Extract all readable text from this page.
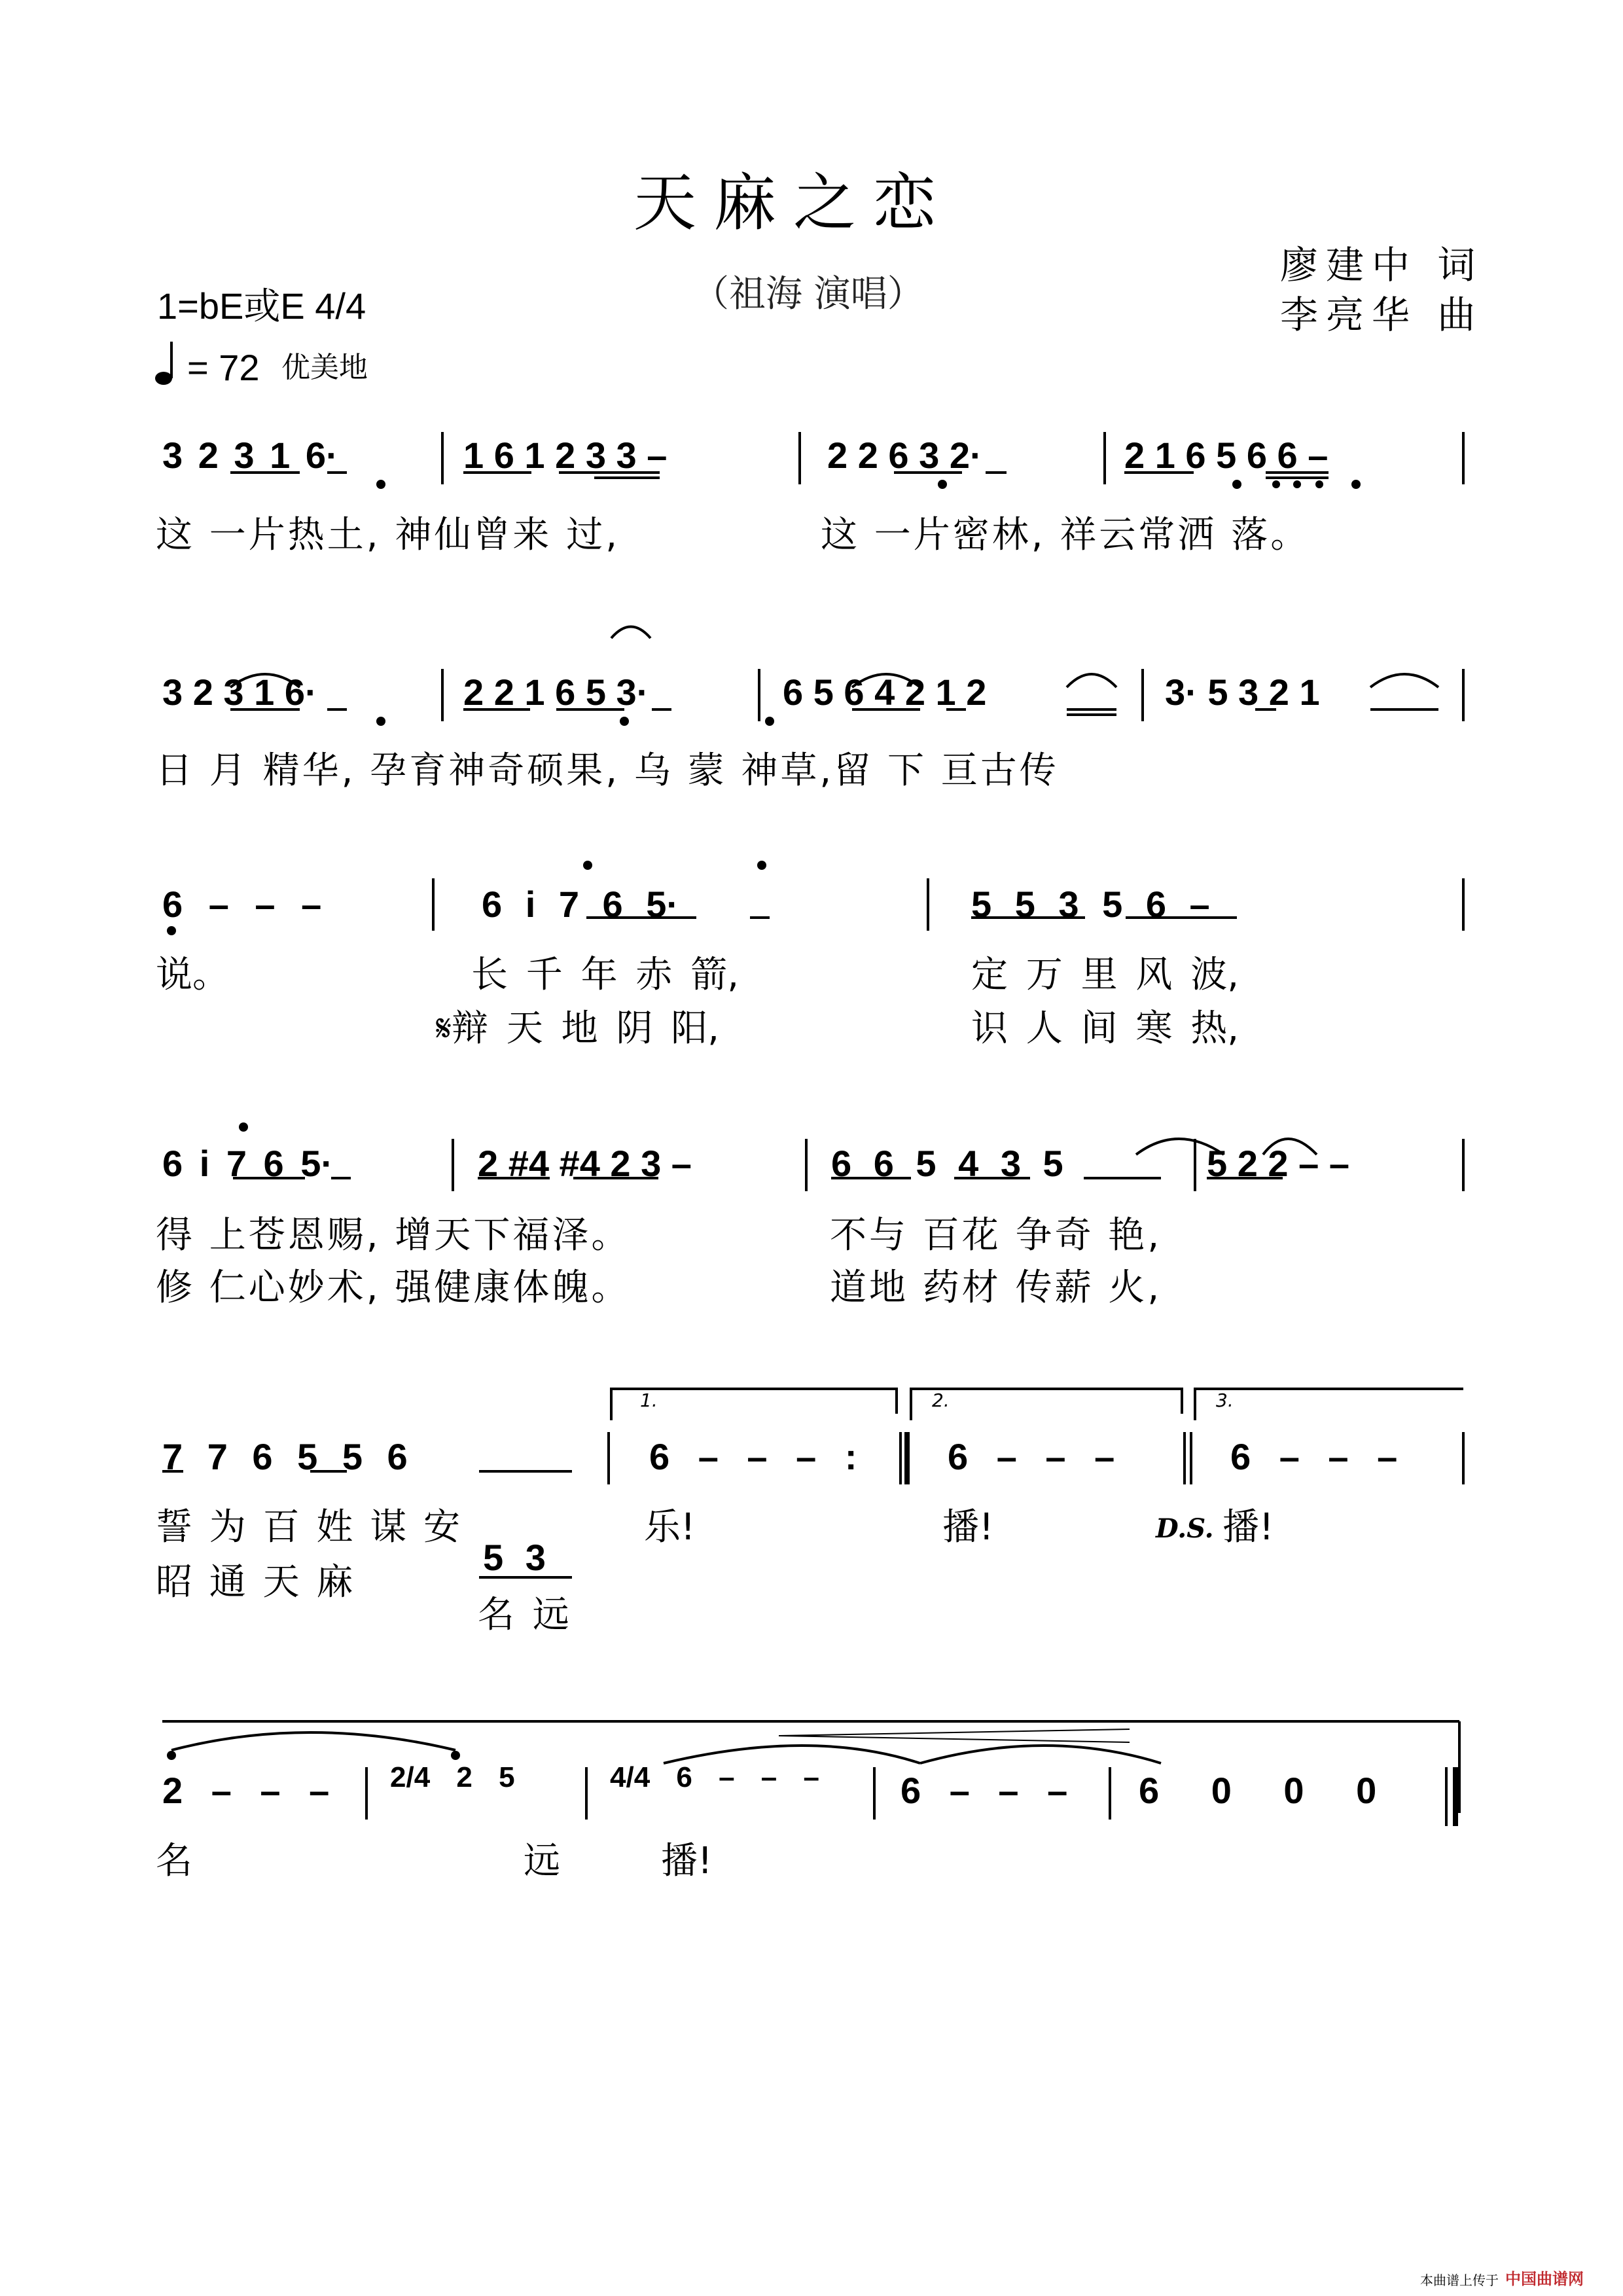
天麻之恋
（祖海 演唱）
廖建中 词
李亮华 曲
1=bE或E 4/4
= 72 优美地
3 2 3 1 6·	1 6 1 2 3 3 –	2 2 6 3 2·	2 1 6 5 6 6 –
这 一片热土, 神仙曾来 过,	这 一片密林, 祥云常洒 落。
3 2 3 1 6·	2 2 1 6 5 3·	6 5 6 4 2 1 2	3· 5 3 2 1
日 月 精华, 孕育神奇硕果, 乌 蒙 神草,留 下 亘古传
6 – – –	6 i 7 6 5·	5 5 3 5 6 –
说。	长 千 年 赤 箭,	定 万 里 风 波,
𝄋辩 天 地 阴 阳,	识 人 间 寒 热,
6 i 7 6 5·	2 #4 #4 2 3 –	6 6 5 4 3 5	5 2 2 – –
得 上苍恩赐, 增天下福泽。	不与 百花 争奇 艳,
修 仁心妙术, 强健康体魄。	道地 药材 传薪 火,
1.	2.	3.
7 7 6 5 5 6	6 – – – : 6 – – –	6 – – –
誓 为 百 姓 谋 安	乐!	播!	D.S. 播!
昭 通 天 麻
5 3
名 远
2 – – – 2/4 2 5	4/4 6 – – – 6 – – – 6 0 0 0
名	远	播!
本曲谱上传于 中国曲谱网
